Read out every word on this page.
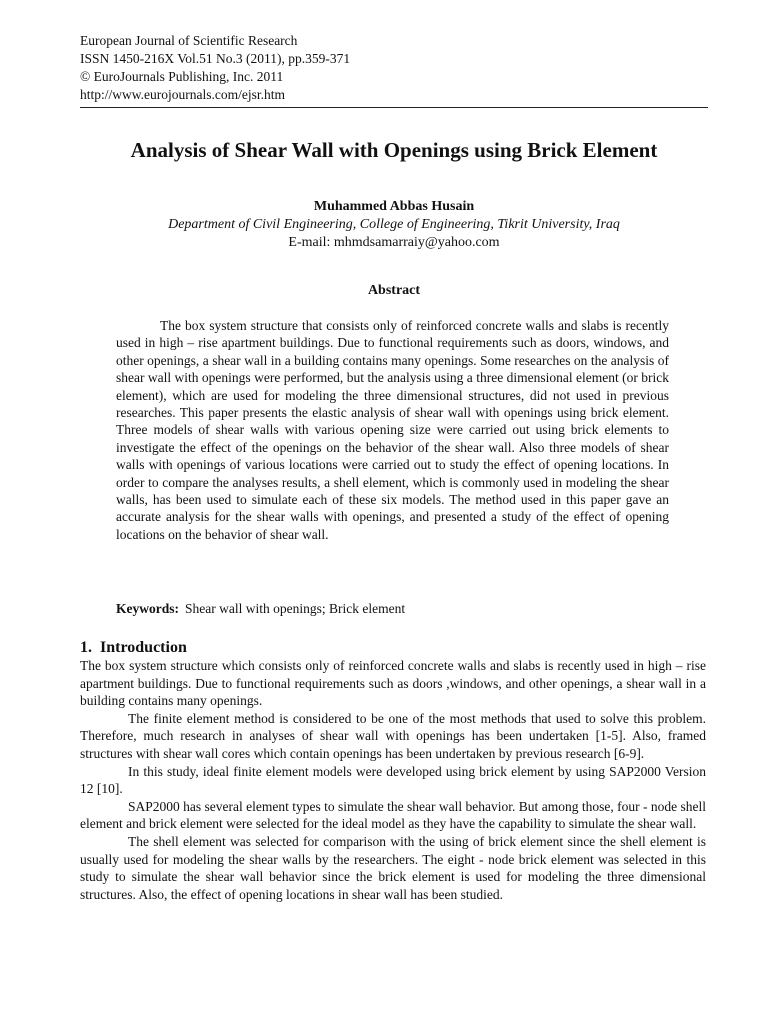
European Journal of Scientific Research
ISSN 1450-216X Vol.51 No.3 (2011), pp.359-371
© EuroJournals Publishing, Inc. 2011
http://www.eurojournals.com/ejsr.htm
Analysis of Shear Wall with Openings using Brick Element
Muhammed Abbas Husain
Department of Civil Engineering, College of Engineering, Tikrit University, Iraq
E-mail: mhmdsamarraiy@yahoo.com
Abstract

The box system structure that consists only of reinforced concrete walls and slabs is recently used in high – rise apartment buildings. Due to functional requirements such as doors, windows, and other openings, a shear wall in a building contains many openings. Some researches on the analysis of shear wall with openings were performed, but the analysis using a three dimensional element (or brick element), which are used for modeling the three dimensional structures, did not used in previous researches. This paper presents the elastic analysis of shear wall with openings using brick element. Three models of shear walls with various opening size were carried out using brick elements to investigate the effect of the openings on the behavior of the shear wall. Also three models of shear walls with openings of various locations were carried out to study the effect of opening locations. In order to compare the analyses results, a shell element, which is commonly used in modeling the shear walls, has been used to simulate each of these six models. The method used in this paper gave an accurate analysis for the shear walls with openings, and presented a study of the effect of opening locations on the behavior of shear wall.

Keywords: Shear wall with openings; Brick element
1. Introduction

The box system structure which consists only of reinforced concrete walls and slabs is recently used in high – rise apartment buildings. Due to functional requirements such as doors ,windows, and other openings, a shear wall in a building contains many openings.

The finite element method is considered to be one of the most methods that used to solve this problem. Therefore, much research in analyses of shear wall with openings has been undertaken [1-5]. Also, framed structures with shear wall cores which contain openings has been undertaken by previous research [6-9].

In this study, ideal finite element models were developed using brick element by using SAP2000 Version 12 [10].

SAP2000 has several element types to simulate the shear wall behavior. But among those, four - node shell element and brick element were selected for the ideal model as they have the capability to simulate the shear wall.

The shell element was selected for comparison with the using of brick element since the shell element is usually used for modeling the shear walls by the researchers. The eight - node brick element was selected in this study to simulate the shear wall behavior since the brick element is used for modeling the three dimensional structures. Also, the effect of opening locations in shear wall has been studied.
